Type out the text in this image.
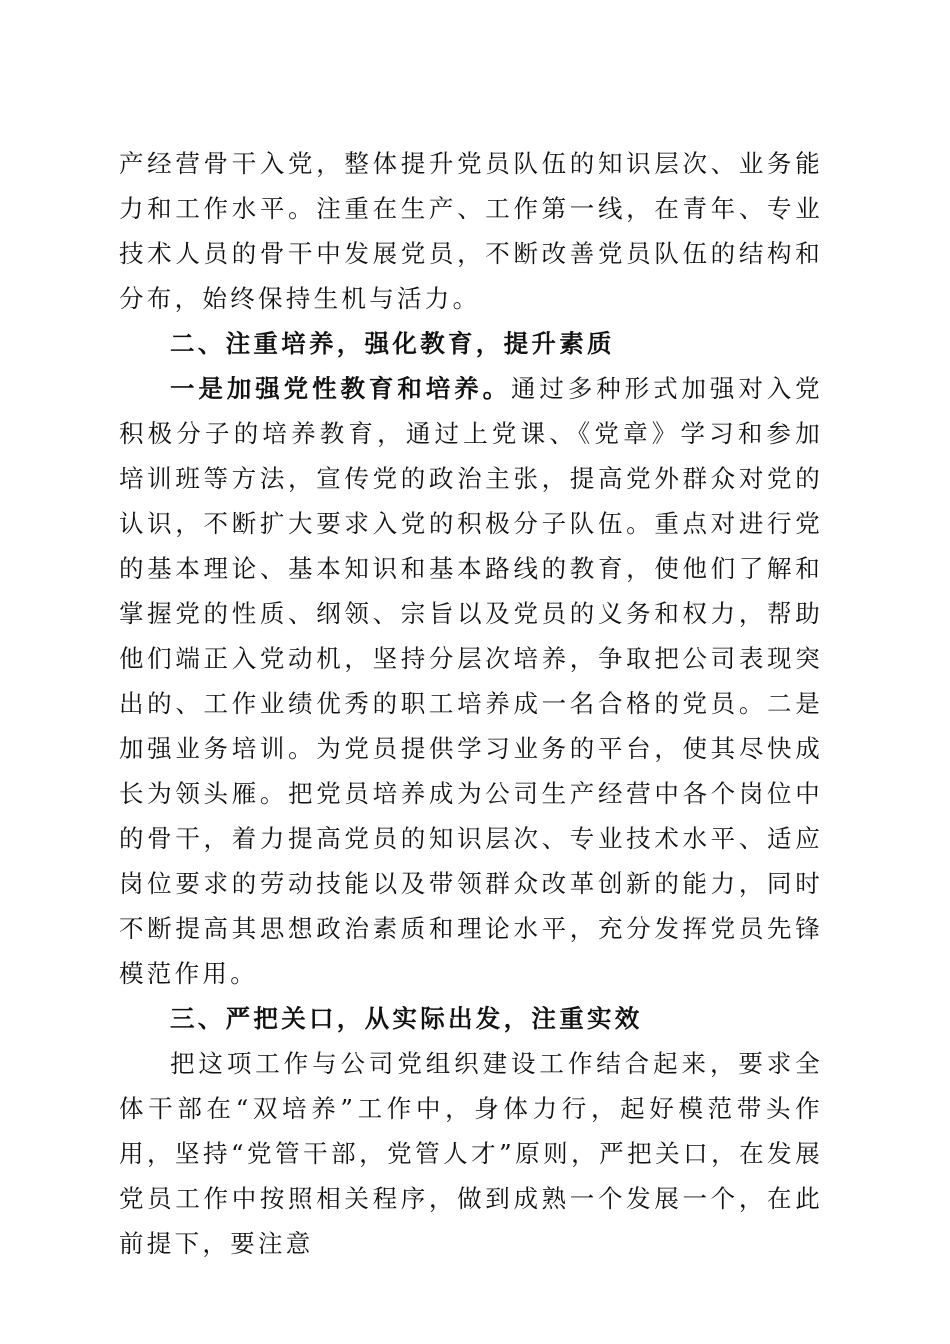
产经营骨干入党，整体提升党员队伍的知识层次、业务能力和工作水平。注重在生产、工作第一线，在青年、专业技术人员的骨干中发展党员，不断改善党员队伍的结构和分布，始终保持生机与活力。

二、注重培养，强化教育，提升素质

一是加强党性教育和培养。通过多种形式加强对入党积极分子的培养教育，通过上党课、《党章》学习和参加培训班等方法，宣传党的政治主张，提高党外群众对党的认识，不断扩大要求入党的积极分子队伍。重点对进行党的基本理论、基本知识和基本路线的教育，使他们了解和掌握党的性质、纲领、宗旨以及党员的义务和权力，帮助他们端正入党动机，坚持分层次培养，争取把公司表现突出的、工作业绩优秀的职工培养成一名合格的党员。二是加强业务培训。为党员提供学习业务的平台，使其尽快成长为领头雁。把党员培养成为公司生产经营中各个岗位中的骨干，着力提高党员的知识层次、专业技术水平、适应岗位要求的劳动技能以及带领群众改革创新的能力，同时不断提高其思想政治素质和理论水平，充分发挥党员先锋模范作用。

三、严把关口，从实际出发，注重实效

把这项工作与公司党组织建设工作结合起来，要求全体干部在“双培养”工作中，身体力行，起好模范带头作用，坚持“党管干部，党管人才”原则，严把关口，在发展党员工作中按照相关程序，做到成熟一个发展一个，在此前提下，要注意
